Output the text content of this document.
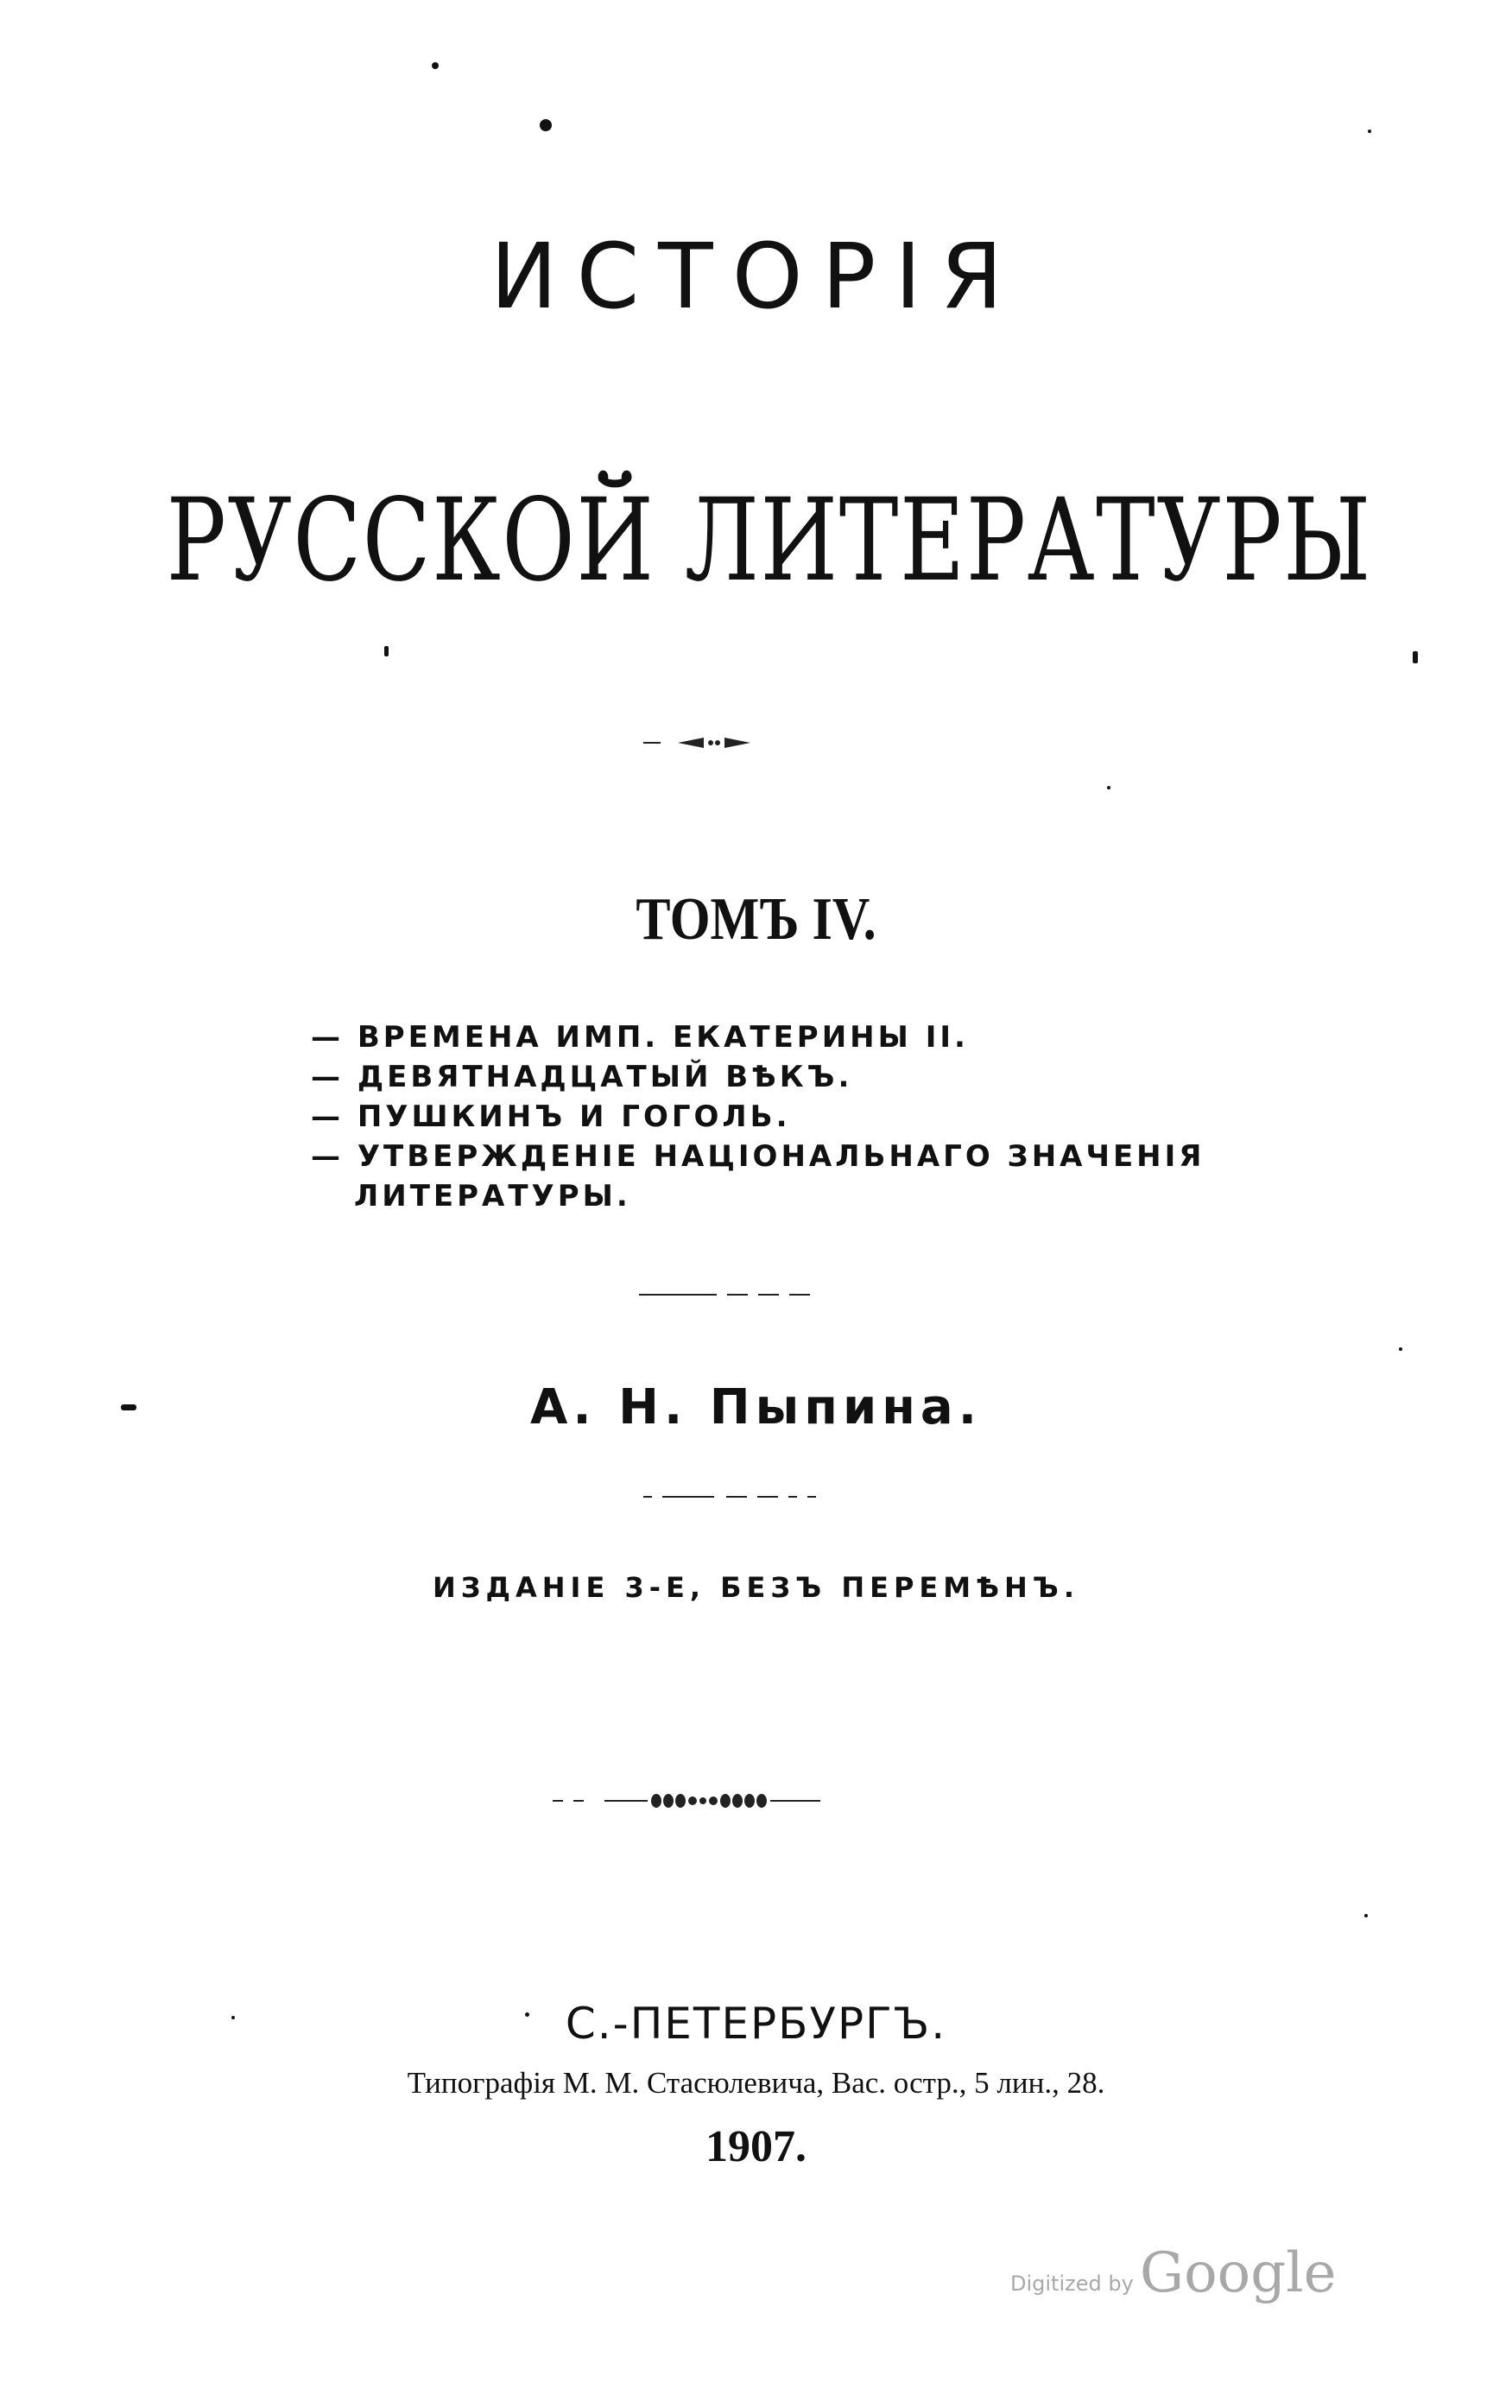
ИСТОРІЯ
РУССКОЙ ЛИТЕРАТУРЫ
ТОМЪ IV.
— ВРЕМЕНА ИМП. ЕКАТЕРИНЫ II.
— ДЕВЯТНАДЦАТЫЙ ВѢКЪ.
— ПУШКИНЪ И ГОГОЛЬ.
— УТВЕРЖДЕНІЕ НАЦІОНАЛЬНАГО ЗНАЧЕНІЯ
ЛИТЕРАТУРЫ.
А. Н. Пыпина.
ИЗДАНІЕ 3-Е, БЕЗЪ ПЕРЕМѢНЪ.
С.-ПЕТЕРБУРГЪ.
Типографія М. М. Стасюлевича, Вас. остр., 5 лин., 28.
1907.
Digitized by Google
